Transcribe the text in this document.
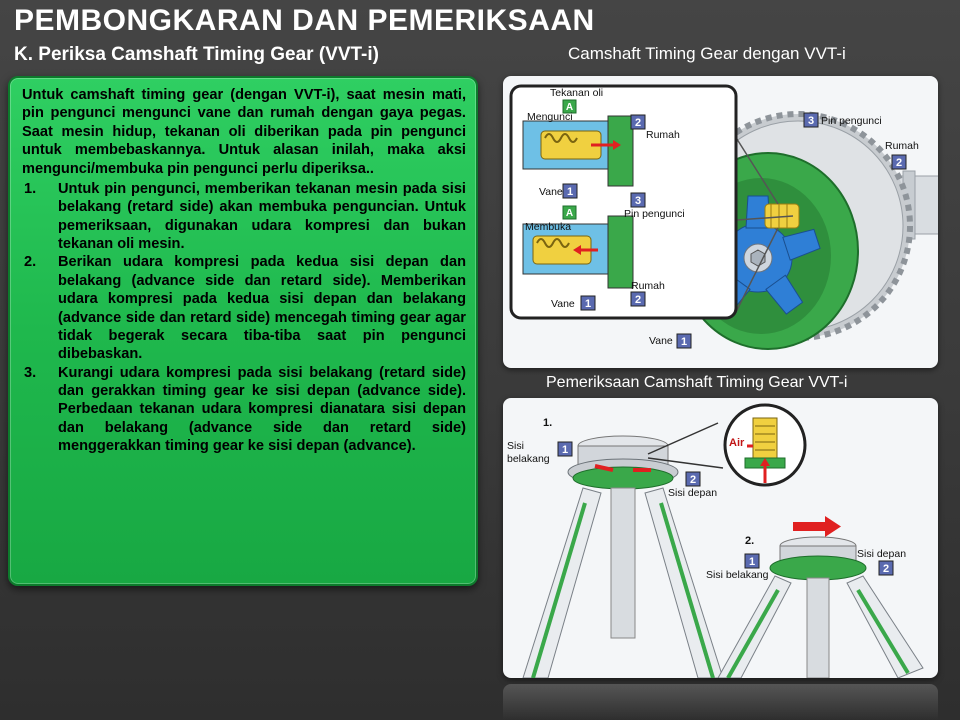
PEMBONGKARAN DAN PEMERIKSAAN
K. Periksa Camshaft Timing Gear (VVT-i)	Camshaft Timing Gear dengan VVT-i
Pemeriksaan Camshaft Timing Gear VVT-i

Untuk camshaft timing gear (dengan VVT-i), saat mesin mati, pin pengunci mengunci vane dan rumah dengan gaya pegas. Saat mesin hidup, tekanan oli diberikan pada pin pengunci untuk membebaskannya. Untuk alasan inilah, maka aksi mengunci/membuka pin pengunci perlu diperiksa..

1.	Untuk pin pengunci, memberikan tekanan mesin pada sisi belakang (retard side) akan membuka penguncian. Untuk pemeriksaan, digunakan udara kompresi dan bukan tekanan oli mesin.
2.	Berikan udara kompresi pada kedua sisi depan dan belakang (advance side dan retard side). Memberikan udara kompresi pada kedua sisi depan dan belakang (advance side dan retard side) mencegah timing gear agar tidak begerak secara tiba-tiba saat pin pengunci dibebaskan.
3.	Kurangi udara kompresi pada sisi belakang (retard side) dan gerakkan timing gear ke sisi depan (advance side). Perbedaan tekanan udara kompresi dianatara sisi depan dan belakang (advance side dan retard side) menggerakkan timing gear ke sisi depan (advance).
A
A
2
1
3
2
1
3
2
1
Tekanan oli
Mengunci
Rumah
Vane
Pin pengunci
Membuka
Rumah
Vane
Pin pengunci
Rumah
Vane
1
2
1
2
1.
Sisi
belakang
Sisi depan
Air
2.
Sisi depan
Sisi belakang
